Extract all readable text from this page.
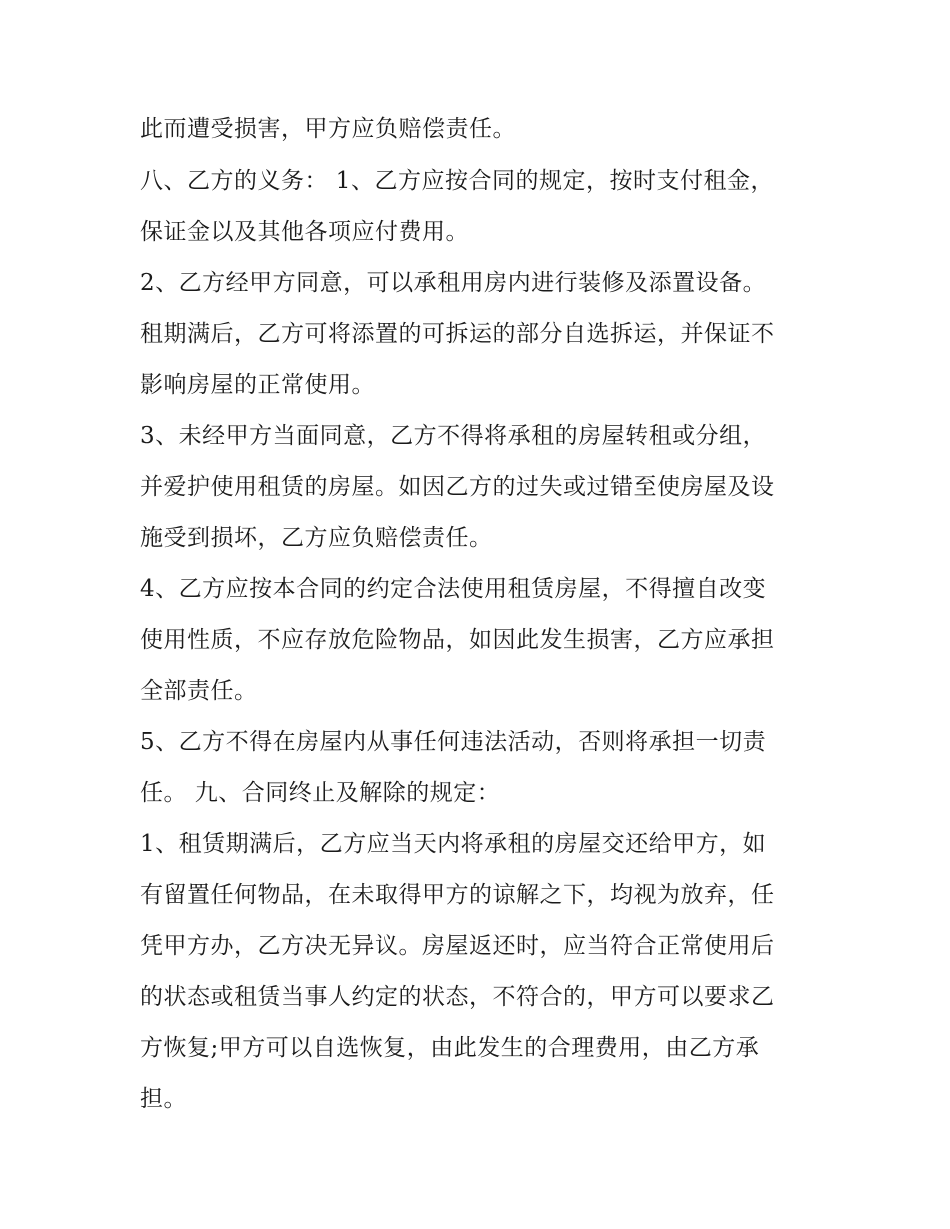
此而遭受损害，甲方应负赔偿责任。
八、乙方的义务： 1、乙方应按合同的规定，按时支付租金，
保证金以及其他各项应付费用。
2、乙方经甲方同意，可以承租用房内进行装修及添置设备。
租期满后，乙方可将添置的可拆运的部分自选拆运，并保证不
影响房屋的正常使用。
3、未经甲方当面同意，乙方不得将承租的房屋转租或分组，
并爱护使用租赁的房屋。如因乙方的过失或过错至使房屋及设
施受到损坏，乙方应负赔偿责任。
4、乙方应按本合同的约定合法使用租赁房屋，不得擅自改变
使用性质，不应存放危险物品，如因此发生损害，乙方应承担
全部责任。
5、乙方不得在房屋内从事任何违法活动，否则将承担一切责
任。 九、合同终止及解除的规定：
1、租赁期满后，乙方应当天内将承租的房屋交还给甲方，如
有留置任何物品，在未取得甲方的谅解之下，均视为放弃，任
凭甲方办，乙方决无异议。房屋返还时，应当符合正常使用后
的状态或租赁当事人约定的状态，不符合的，甲方可以要求乙
方恢复;甲方可以自选恢复，由此发生的合理费用，由乙方承
担。
